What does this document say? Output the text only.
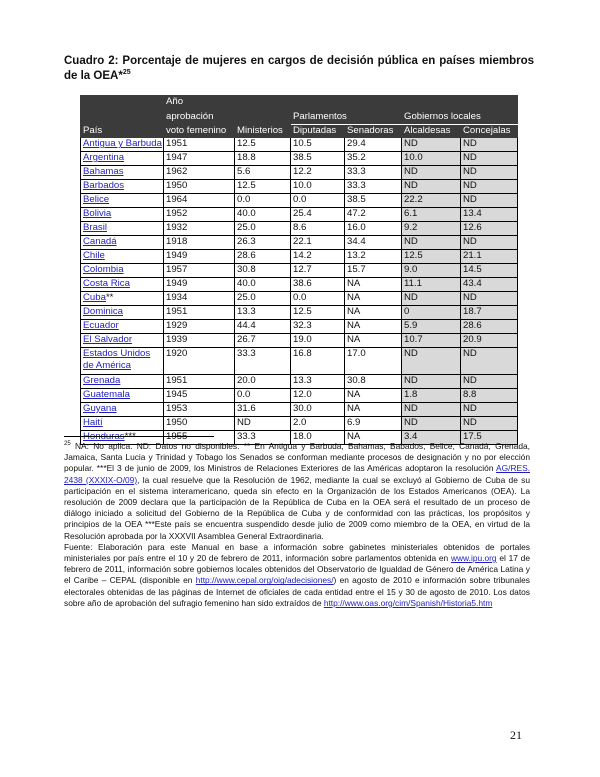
Cuadro 2: Porcentaje de mujeres en cargos de decisión pública en países miembros de la OEA*$^{25}$
	Año					
	aprobación		Parlamentos		Gobiernos locales	
País	voto femenino	Ministerios	Diputadas	Senadoras	Alcaldesas	Concejalas
Antigua y Barbuda	1951	12.5	10.5	29.4	ND	ND
Argentina	1947	18.8	38.5	35.2	10.0	ND
Bahamas	1962	5.6	12.2	33.3	ND	ND
Barbados	1950	12.5	10.0	33.3	ND	ND
Belice	1964	0.0	0.0	38.5	22.2	ND
Bolivia	1952	40.0	25.4	47.2	6.1	13.4
Brasil	1932	25.0	8.6	16.0	9.2	12.6
Canadá	1918	26.3	22.1	34.4	ND	ND
Chile	1949	28.6	14.2	13.2	12.5	21.1
Colombia	1957	30.8	12.7	15.7	9.0	14.5
Costa Rica	1949	40.0	38.6	NA	11.1	43.4
Cuba**	1934	25.0	0.0	NA	ND	ND
Dominica	1951	13.3	12.5	NA	0	18.7
Ecuador	1929	44.4	32.3	NA	5.9	28.6
El Salvador	1939	26.7	19.0	NA	10.7	20.9
Estados Unidos de América	1920	33.3	16.8	17.0	ND	ND
Grenada	1951	20.0	13.3	30.8	ND	ND
Guatemala	1945	0.0	12.0	NA	1.8	8.8
Guyana	1953	31.6	30.0	NA	ND	ND
Haití	1950	ND	2.0	6.9	ND	ND
Honduras***	1955	33.3	18.0	NA	3.4	17.5

$^{25}$ NA: No aplica. ND: Datos no disponibles. ** En Antigua y Barbuda, Bahamas, Babados, Belice, Canadá, Grenada, Jamaica, Santa Lucia y Trinidad y Tobago los Senados se conforman mediante procesos de designación y no por elección popular. ***El 3 de junio de 2009, los Ministros de Relaciones Exteriores de las Américas adoptaron la resolución AG/RES. 2438 (XXXIX-O/09), la cual resuelve que la Resolución de 1962, mediante la cual se excluyó al Gobierno de Cuba de su participación en el sistema interamericano, queda sin efecto en la Organización de los Estados Americanos (OEA). La resolución de 2009 declara que la participación de la República de Cuba en la OEA será el resultado de un proceso de diálogo iniciado a solicitud del Gobierno de la República de Cuba y de conformidad con las prácticas, los propósitos y principios de la OEA ***Este país se encuentra suspendido desde julio de 2009 como miembro de la OEA, en virtud de la Resolución aprobada por la XXXVII Asamblea General Extraordinaria.

Fuente: Elaboración para este Manual en base a información sobre gabinetes ministeriales obtenidos de portales ministeriales por país entre el 10 y 20 de febrero de 2011, información sobre parlamentos obtenida en www.ipu.org el 17 de febrero de 2011, información sobre gobiernos locales obtenidos del Observatorio de Igualdad de Género de América Latina y el Caribe – CEPAL (disponible en http://www.cepal.org/oig/adecisiones/) en agosto de 2010 e información sobre tribunales electorales obtenidas de las páginas de Internet de oficiales de cada entidad entre el 15 y 30 de agosto de 2010. Los datos sobre año de aprobación del sufragio femenino han sido extraídos de http://www.oas.org/cim/Spanish/Historia5.htm

21
